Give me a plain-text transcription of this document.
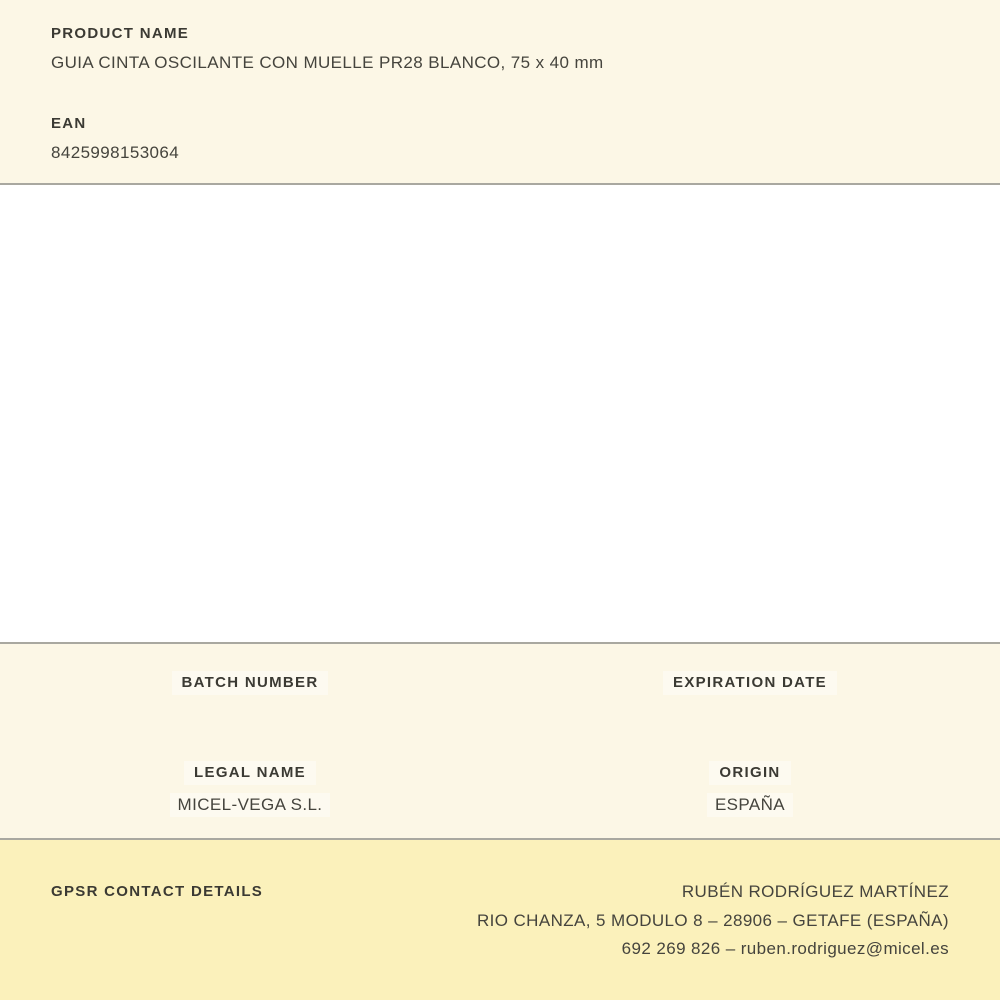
PRODUCT NAME
GUIA CINTA OSCILANTE CON MUELLE PR28 BLANCO, 75 x 40 mm
EAN
8425998153064
BATCH NUMBER	EXPIRATION DATE
LEGAL NAME
MICEL-VEGA S.L.
ORIGIN
ESPAÑA
GPSR CONTACT DETAILS	RUBÉN RODRÍGUEZ MARTÍNEZ
RIO CHANZA, 5 MODULO 8 – 28906 – GETAFE (ESPAÑA)
692 269 826 – ruben.rodriguez@micel.es
